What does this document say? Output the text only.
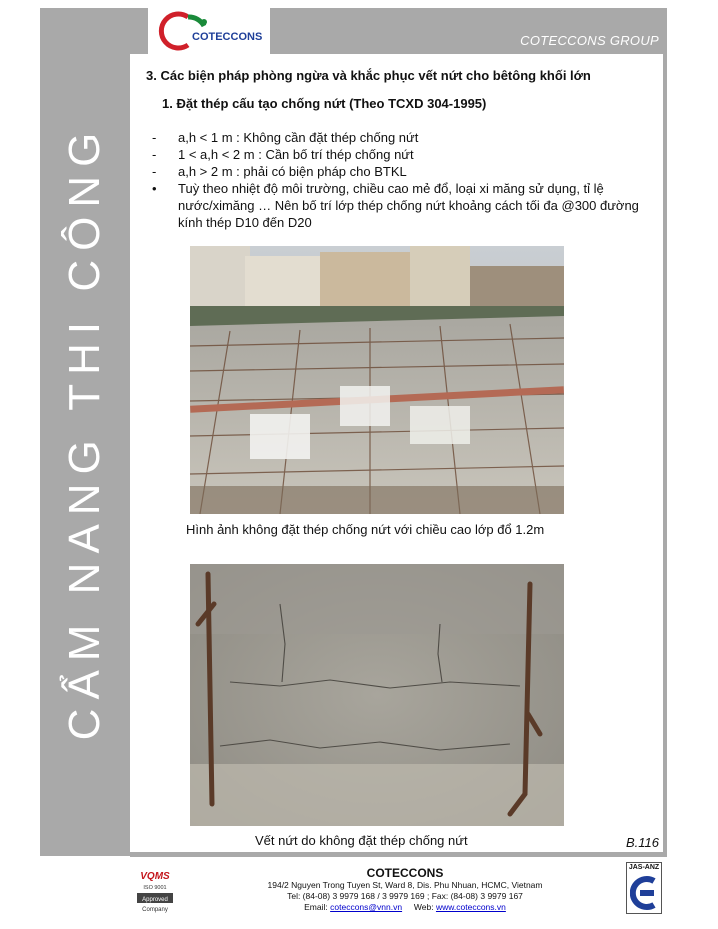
CẨM NANG THI CÔNG
COTECCONS GROUP
COTECCONS
3. Các biện pháp phòng ngừa và khắc phục vết nứt cho bêtông khối lớn
1. Đặt thép cấu tạo chống nứt (Theo TCXD 304-1995)
-	a,h < 1 m : Không cần đặt thép chống nứt
-	1 < a,h < 2 m : Cần bố trí thép chống nứt
-	a,h > 2 m : phải có biện pháp cho BTKL
•	Tuỳ theo nhiệt độ môi trường, chiều cao mẻ đổ, loại xi măng sử dụng, tỉ lệ nước/ximăng … Nên bố trí lớp thép chống nứt khoảng cách tối đa @300 đường kính thép D10 đến D20
Hình ảnh không đặt thép chống nứt với chiều cao lớp đổ 1.2m
Vết nứt do không đặt thép chống nứt	B.116
VQMS
ISO 9001
Approved
Company
COTECCONS
194/2 Nguyen Trong Tuyen St, Ward 8, Dis. Phu Nhuan, HCMC, Vietnam
Tel: (84-08) 3 9979 168 / 3 9979 169 ; Fax: (84-08) 3 9979 167
Email: coteccons@vnn.vn Web: www.coteccons.vn
JAS-ANZ
